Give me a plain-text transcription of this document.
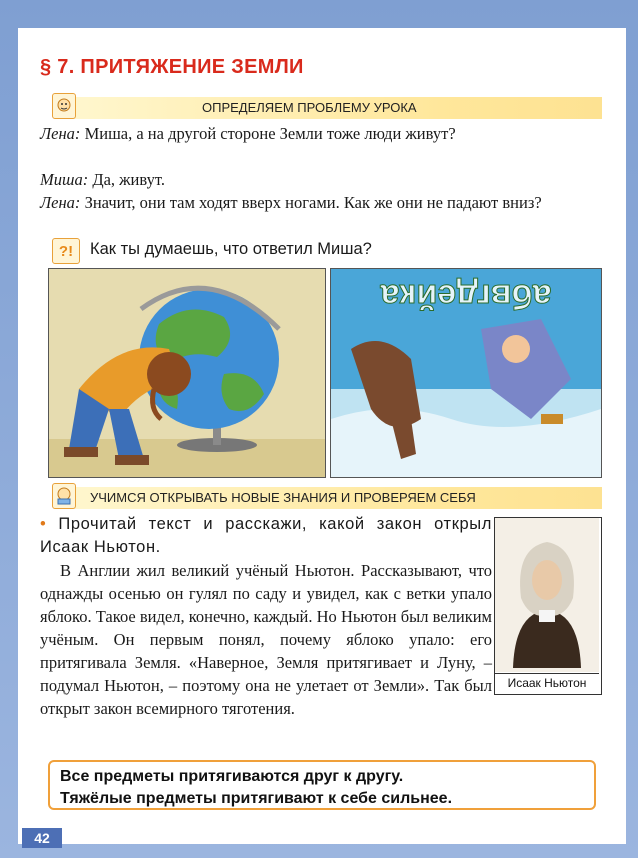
§ 7. ПРИТЯЖЕНИЕ ЗЕМЛИ
ОПРЕДЕЛЯЕМ ПРОБЛЕМУ УРОКА
Лена: Миша, а на другой стороне Земли тоже люди живут?
Миша: Да, живут.
Лена: Значит, они там ходят вверх ногами. Как же они не падают вниз?
?!	Как ты думаешь, что ответил Миша?
абвгдейка
УЧИМСЯ ОТКРЫВАТЬ НОВЫЕ ЗНАНИЯ И ПРОВЕРЯЕМ СЕБЯ
• Прочитай текст и расскажи, какой закон открыл Исаак Ньютон.
В Англии жил великий учёный Ньютон. Рассказывают, что однажды осенью он гулял по саду и увидел, как с ветки упало яблоко. Такое видел, конечно, каждый. Но Ньютон был великим учёным. Он первым понял, почему яблоко упало: его притягивала Земля. «Наверное, Земля притягивает и Луну, – подумал Ньютон, – поэтому она не улетает от Земли». Так был открыт закон всемирного тяготения.
Исаак Ньютон
Все предметы притягиваются друг к другу.
Тяжёлые предметы притягивают к себе сильнее.
42
